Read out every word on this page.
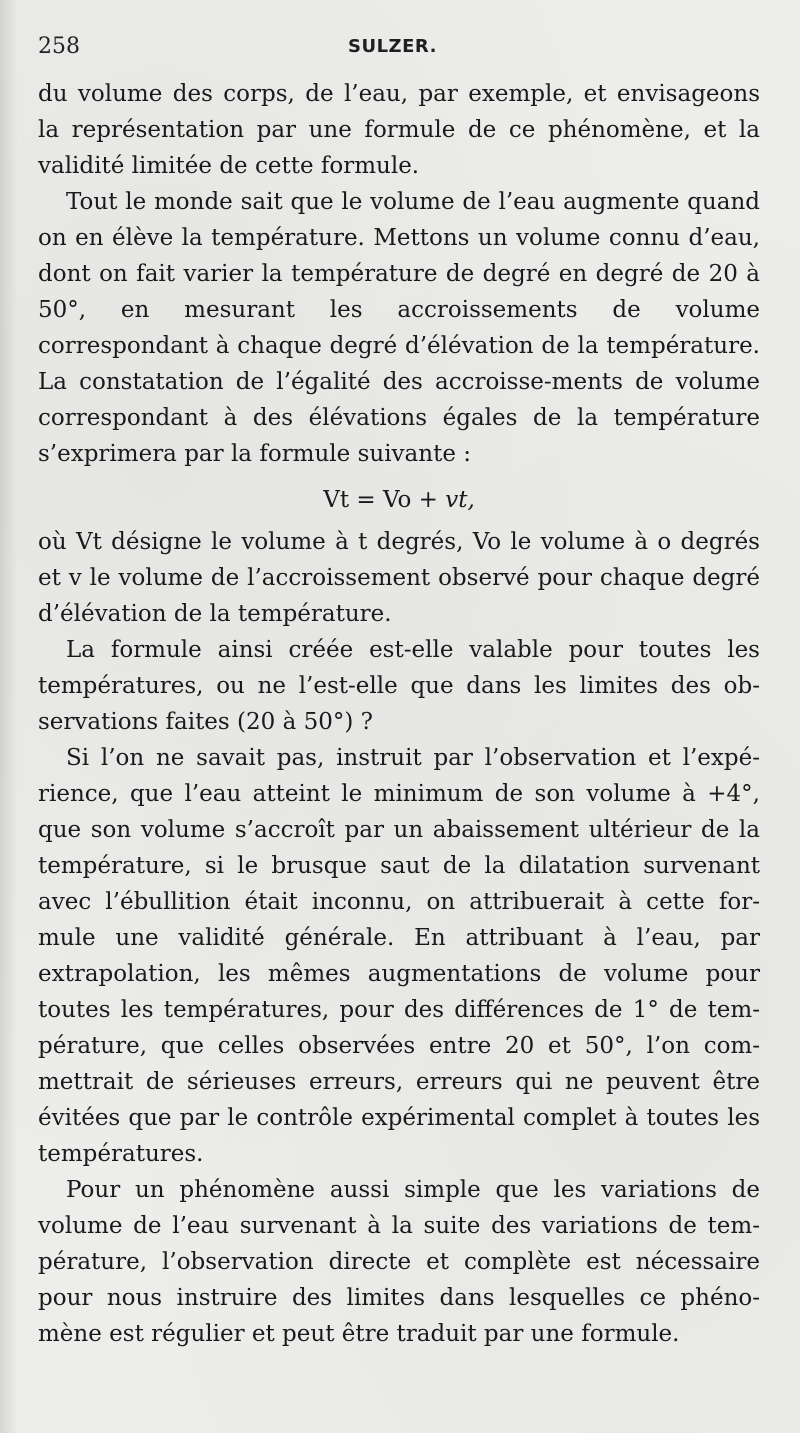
258	SULZER.

du volume des corps, de l’eau, par exemple, et envisageons la représentation par une formule de ce phénomène, et la validité limitée de cette formule.

Tout le monde sait que le volume de l’eau augmente quand on en élève la température. Mettons un volume connu d’eau, dont on fait varier la température de degré en degré de 20 à 50°, en mesurant les accroissements de volume correspondant à chaque degré d’élévation de la température. La constatation de l’égalité des accroisse-ments de volume correspondant à des élévations égales de la température s’exprimera par la formule suivante :

Vt = Vo + vt,

où Vt désigne le volume à t degrés, Vo le volume à o degrés et v le volume de l’accroissement observé pour chaque degré d’élévation de la température.

La formule ainsi créée est-elle valable pour toutes les températures, ou ne l’est-elle que dans les limites des ob-servations faites (20 à 50°) ?

Si l’on ne savait pas, instruit par l’observation et l’expé-rience, que l’eau atteint le minimum de son volume à +4°, que son volume s’accroît par un abaissement ultérieur de la température, si le brusque saut de la dilatation survenant avec l’ébullition était inconnu, on attribuerait à cette for-mule une validité générale. En attribuant à l’eau, par extrapolation, les mêmes augmentations de volume pour toutes les températures, pour des différences de 1° de tem-pérature, que celles observées entre 20 et 50°, l’on com-mettrait de sérieuses erreurs, erreurs qui ne peuvent être évitées que par le contrôle expérimental complet à toutes les températures.

Pour un phénomène aussi simple que les variations de volume de l’eau survenant à la suite des variations de tem-pérature, l’observation directe et complète est nécessaire pour nous instruire des limites dans lesquelles ce phéno-mène est régulier et peut être traduit par une formule.
